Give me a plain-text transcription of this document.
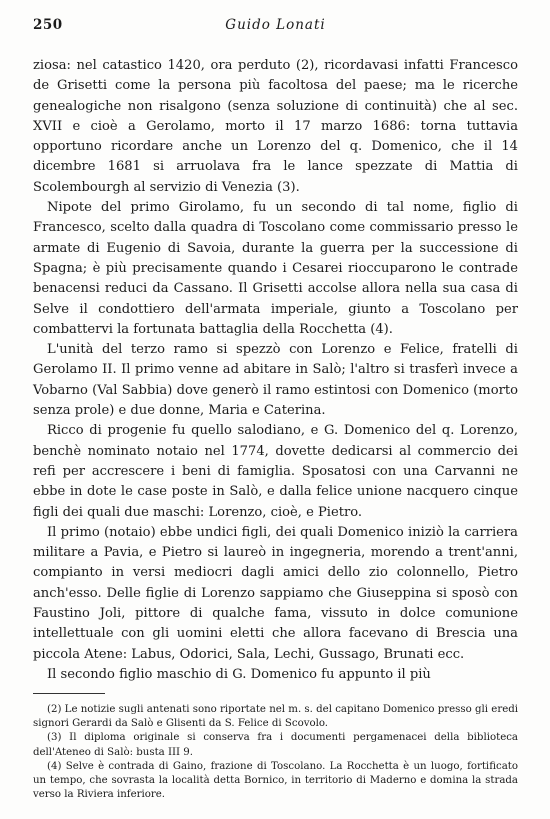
250	Guido Lonati

ziosa: nel catastico 1420, ora perduto (2), ricordavasi infatti Francesco de Grisetti come la persona più facoltosa del paese; ma le ricerche genealogiche non risalgono (senza soluzione di continuità) che al sec. XVII e cioè a Gerolamo, morto il 17 marzo 1686: torna tuttavia opportuno ricordare anche un Lorenzo del q. Domenico, che il 14 dicembre 1681 si arruolava fra le lance spezzate di Mattia di Scolembourgh al servizio di Venezia (3).

Nipote del primo Girolamo, fu un secondo di tal nome, figlio di Francesco, scelto dalla quadra di Toscolano come commissario presso le armate di Eugenio di Savoia, durante la guerra per la successione di Spagna; è più precisamente quando i Cesarei rioccuparono le contrade benacensi reduci da Cassano. Il Grisetti accolse allora nella sua casa di Selve il condottiero dell'armata imperiale, giunto a Toscolano per combattervi la fortunata battaglia della Rocchetta (4).

L'unità del terzo ramo si spezzò con Lorenzo e Felice, fratelli di Gerolamo II. Il primo venne ad abitare in Salò; l'altro si trasferì invece a Vobarno (Val Sabbia) dove generò il ramo estintosi con Domenico (morto senza prole) e due donne, Maria e Caterina.

Ricco di progenie fu quello salodiano, e G. Domenico del q. Lorenzo, benchè nominato notaio nel 1774, dovette dedicarsi al commercio dei refi per accrescere i beni di famiglia. Sposatosi con una Carvanni ne ebbe in dote le case poste in Salò, e dalla felice unione nacquero cinque figli dei quali due maschi: Lorenzo, cioè, e Pietro.

Il primo (notaio) ebbe undici figli, dei quali Domenico iniziò la carriera militare a Pavia, e Pietro si laureò in ingegneria, morendo a trent'anni, compianto in versi mediocri dagli amici dello zio colonnello, Pietro anch'esso. Delle figlie di Lorenzo sappiamo che Giuseppina si sposò con Faustino Joli, pittore di qualche fama, vissuto in dolce comunione intellettuale con gli uomini eletti che allora facevano di Brescia una piccola Atene: Labus, Odorici, Sala, Lechi, Gussago, Brunati ecc.

Il secondo figlio maschio di G. Domenico fu appunto il più

(2) Le notizie sugli antenati sono riportate nel m. s. del capitano Domenico presso gli eredi signori Gerardi da Salò e Glisenti da S. Felice di Scovolo.

(3) Il diploma originale si conserva fra i documenti pergamenacei della biblioteca dell'Ateneo di Salò: busta III 9.

(4) Selve è contrada di Gaino, frazione di Toscolano. La Rocchetta è un luogo, fortificato un tempo, che sovrasta la località detta Bornico, in territorio di Maderno e domina la strada verso la Riviera inferiore.
